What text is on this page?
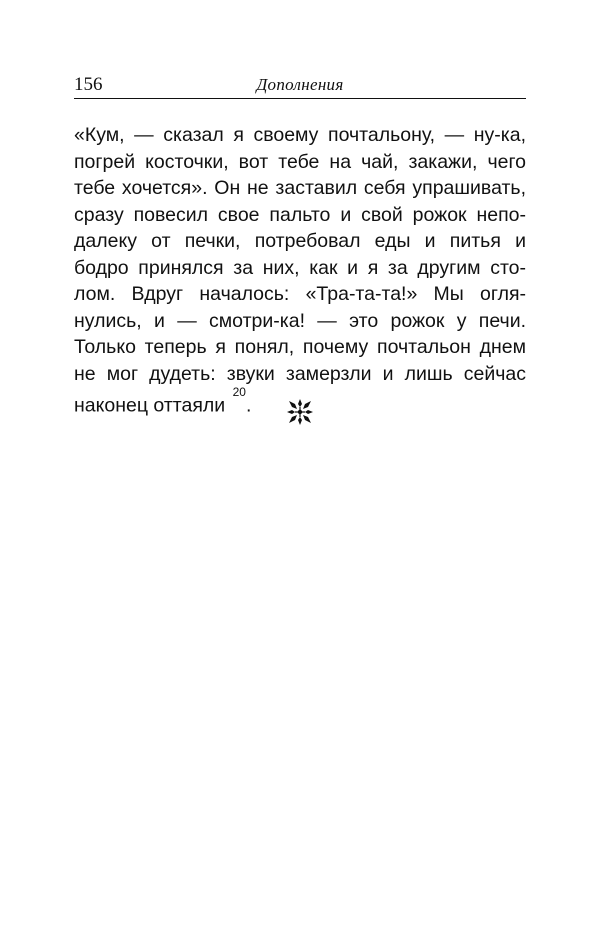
156	Дополнения
«Кум, — сказал я своему почтальону, — ну-ка,
погрей косточки, вот тебе на чай, закажи, чего
тебе хочется». Он не заставил себя упрашивать,
сразу повесил свое пальто и свой рожок непо-
далеку от печки, потребовал еды и питья и
бодро принялся за них, как и я за другим сто-
лом. Вдруг началось: «Тра-та-та!» Мы огля-
нулись, и — смотри-ка! — это рожок у печи.
Только теперь я понял, почему почтальон днем
не мог дудеть: звуки замерзли и лишь сейчас
наконец оттаяли $^{20}$.
